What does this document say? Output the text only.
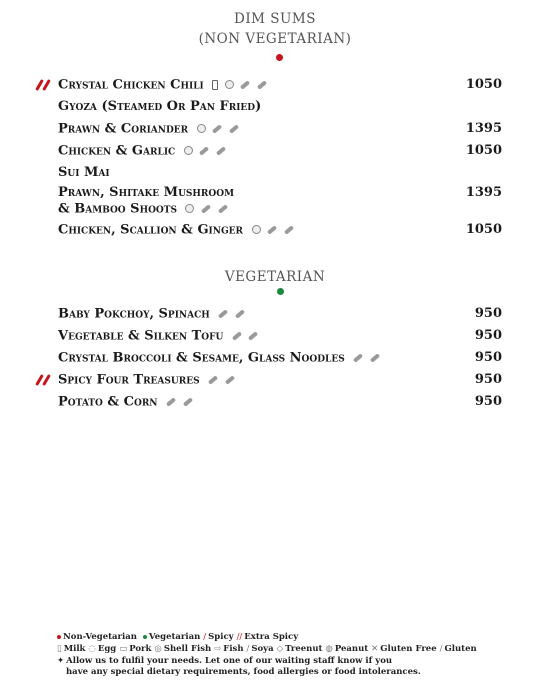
DIM SUMS
(NON VEGETARIAN)
Crystal Chicken Chili	1050
Gyoza (Steamed Or Pan Fried)
Prawn & Coriander	1395
Chicken & Garlic	1050
Sui Mai
Prawn, Shitake Mushroom	1395
& Bamboo Shoots
Chicken, Scallion & Ginger	1050
VEGETARIAN
Baby Pokchoy, Spinach	950
Vegetable & Silken Tofu	950
Crystal Broccoli & Sesame, Glass Noodles	950
Spicy Four Treasures	950
Potato & Corn	950
Non-Vegetarian Vegetarian / Spicy // Extra Spicy
▯ Milk ◌ Egg ▭ Pork ◎ Shell Fish ⇨ Fish ∕ Soya ◇ Treenut ◍ Peanut ✕ Gluten Free ∕ Gluten
✦ Allow us to fulfil your needs. Let one of our waiting staff know if you
have any special dietary requirements, food allergies or food intolerances.
